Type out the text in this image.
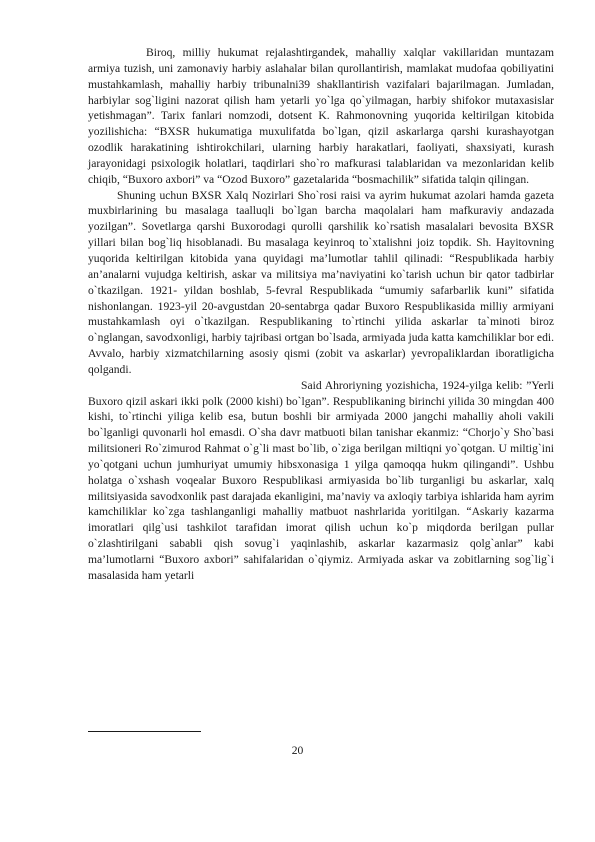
Biroq, milliy hukumat rejalashtirgandek, mahalliy xalqlar vakillaridan muntazam armiya tuzish, uni zamonaviy harbiy aslahalar bilan qurollantirish, mamlakat mudofaa qobiliyatini mustahkamlash, mahalliy harbiy tribunalni39 shakllantirish vazifalari bajarilmagan. Jumladan, harbiylar sog`ligini nazorat qilish ham yetarli yo`lga qo`yilmagan, harbiy shifokor mutaxasislar yetishmagan”. Tarix fanlari nomzodi, dotsent K. Rahmonovning yuqorida keltirilgan kitobida yozilishicha: “BXSR hukumatiga muxulifatda bo`lgan, qizil askarlarga qarshi kurashayotgan ozodlik harakatining ishtirokchilari, ularning harbiy harakatlari, faoliyati, shaxsiyati, kurash jarayonidagi psixologik holatlari, taqdirlari sho`ro mafkurasi talablaridan va mezonlaridan kelib chiqib, “Buxoro axbori” va “Ozod Buxoro” gazetalarida “bosmachilik” sifatida talqin qilingan.

Shuning uchun BXSR Xalq Nozirlari Sho`rosi raisi va ayrim hukumat azolari hamda gazeta muxbirlarining bu masalaga taalluqli bo`lgan barcha maqolalari ham mafkuraviy andazada yozilgan”. Sovetlarga qarshi Buxorodagi qurolli qarshilik ko`rsatish masalalari bevosita BXSR yillari bilan bog`liq hisoblanadi. Bu masalaga keyinroq to`xtalishni joiz topdik. Sh. Hayitovning yuqorida keltirilgan kitobida yana quyidagi ma’lumotlar tahlil qilinadi: “Respublikada harbiy an’analarni vujudga keltirish, askar va militsiya ma’naviyatini ko`tarish uchun bir qator tadbirlar o`tkazilgan. 1921- yildan boshlab, 5-fevral Respublikada “umumiy safarbarlik kuni” sifatida nishonlangan. 1923-yil 20-avgustdan 20-sentabrga qadar Buxoro Respublikasida milliy armiyani mustahkamlash oyi o`tkazilgan. Respublikaning to`rtinchi yilida askarlar ta`minoti biroz o`nglangan, savodxonligi, harbiy tajribasi ortgan bo`lsada, armiyada juda katta kamchiliklar bor edi. Avvalo, harbiy xizmatchilarning asosiy qismi (zobit va askarlar) yevropaliklardan iboratligicha qolgandi.

Said Ahroriyning yozishicha, 1924-yilga kelib: ”Yerli Buxoro qizil askari ikki polk (2000 kishi) bo`lgan”. Respublikaning birinchi yilida 30 mingdan 400 kishi, to`rtinchi yiliga kelib esa, butun boshli bir armiyada 2000 jangchi mahalliy aholi vakili bo`lganligi quvonarli hol emasdi. O`sha davr matbuoti bilan tanishar ekanmiz: “Chorjo`y Sho`basi militsioneri Ro`zimurod Rahmat o`g`li mast bo`lib, o`ziga berilgan miltiqni yo`qotgan. U miltig`ini yo`qotgani uchun jumhuriyat umumiy hibsxonasiga 1 yilga qamoqqa hukm qilingandi”. Ushbu holatga o`xshash voqealar Buxoro Respublikasi armiyasida bo`lib turganligi bu askarlar, xalq militsiyasida savodxonlik past darajada ekanligini, ma’naviy va axloqiy tarbiya ishlarida ham ayrim kamchiliklar ko`zga tashlanganligi mahalliy matbuot nashrlarida yoritilgan. “Askariy kazarma imoratlari qilg`usi tashkilot tarafidan imorat qilish uchun ko`p miqdorda berilgan pullar o`zlashtirilgani sababli qish sovug`i yaqinlashib, askarlar kazarmasiz qolg`anlar” kabi ma’lumotlarni “Buxoro axbori” sahifalaridan o`qiymiz. Armiyada askar va zobitlarning sog`lig`i masalasida ham yetarli

20
